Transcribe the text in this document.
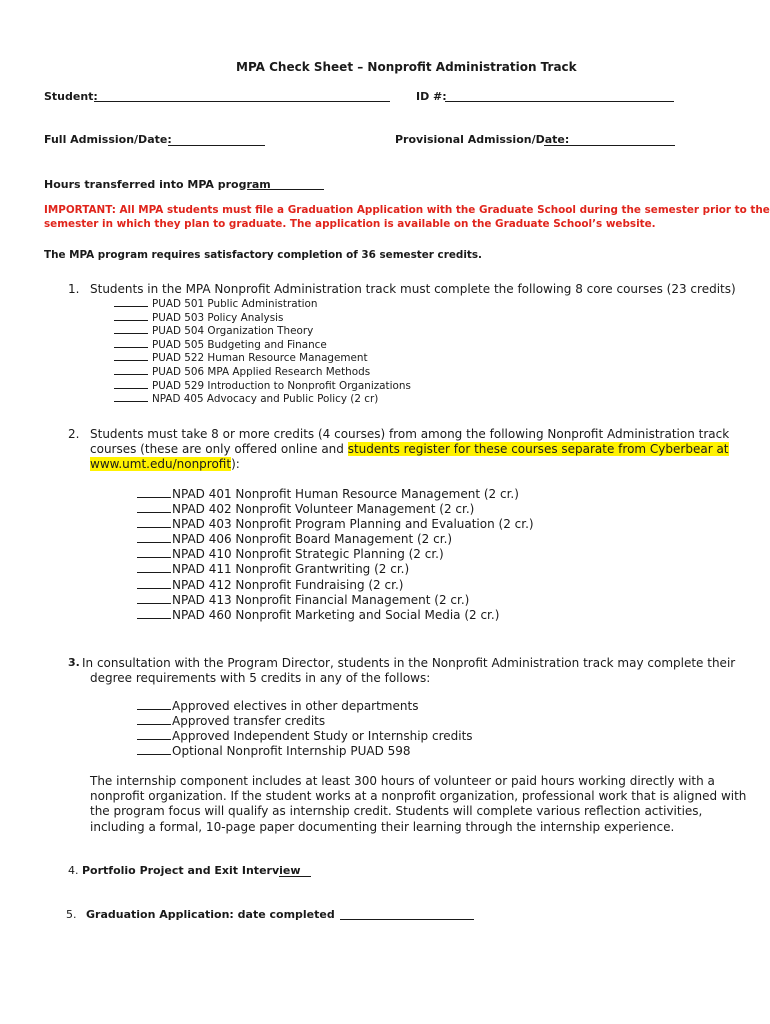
MPA Check Sheet – Nonprofit Administration Track
Student:	ID #:
Full Admission/Date:	Provisional Admission/Date:
Hours transferred into MPA program
IMPORTANT: All MPA students must file a Graduation Application with the Graduate School during the semester prior to the
semester in which they plan to graduate. The application is available on the Graduate School’s website.
The MPA program requires satisfactory completion of 36 semester credits.
1. Students in the MPA Nonprofit Administration track must complete the following 8 core courses (23 credits)
PUAD 501 Public Administration
PUAD 503 Policy Analysis
PUAD 504 Organization Theory
PUAD 505 Budgeting and Finance
PUAD 522 Human Resource Management
PUAD 506 MPA Applied Research Methods
PUAD 529 Introduction to Nonprofit Organizations
NPAD 405 Advocacy and Public Policy (2 cr)
2. Students must take 8 or more credits (4 courses) from among the following Nonprofit Administration track
courses (these are only offered online and students register for these courses separate from Cyberbear at
www.umt.edu/nonprofit):
NPAD 401 Nonprofit Human Resource Management (2 cr.)
NPAD 402 Nonprofit Volunteer Management (2 cr.)
NPAD 403 Nonprofit Program Planning and Evaluation (2 cr.)
NPAD 406 Nonprofit Board Management (2 cr.)
NPAD 410 Nonprofit Strategic Planning (2 cr.)
NPAD 411 Nonprofit Grantwriting (2 cr.)
NPAD 412 Nonprofit Fundraising (2 cr.)
NPAD 413 Nonprofit Financial Management (2 cr.)
NPAD 460 Nonprofit Marketing and Social Media (2 cr.)
3. In consultation with the Program Director, students in the Nonprofit Administration track may complete their
degree requirements with 5 credits in any of the follows:
Approved electives in other departments
Approved transfer credits
Approved Independent Study or Internship credits
Optional Nonprofit Internship PUAD 598
The internship component includes at least 300 hours of volunteer or paid hours working directly with a
nonprofit organization. If the student works at a nonprofit organization, professional work that is aligned with
the program focus will qualify as internship credit. Students will complete various reflection activities,
including a formal, 10-page paper documenting their learning through the internship experience.
4. Portfolio Project and Exit Interview
5. Graduation Application: date completed
